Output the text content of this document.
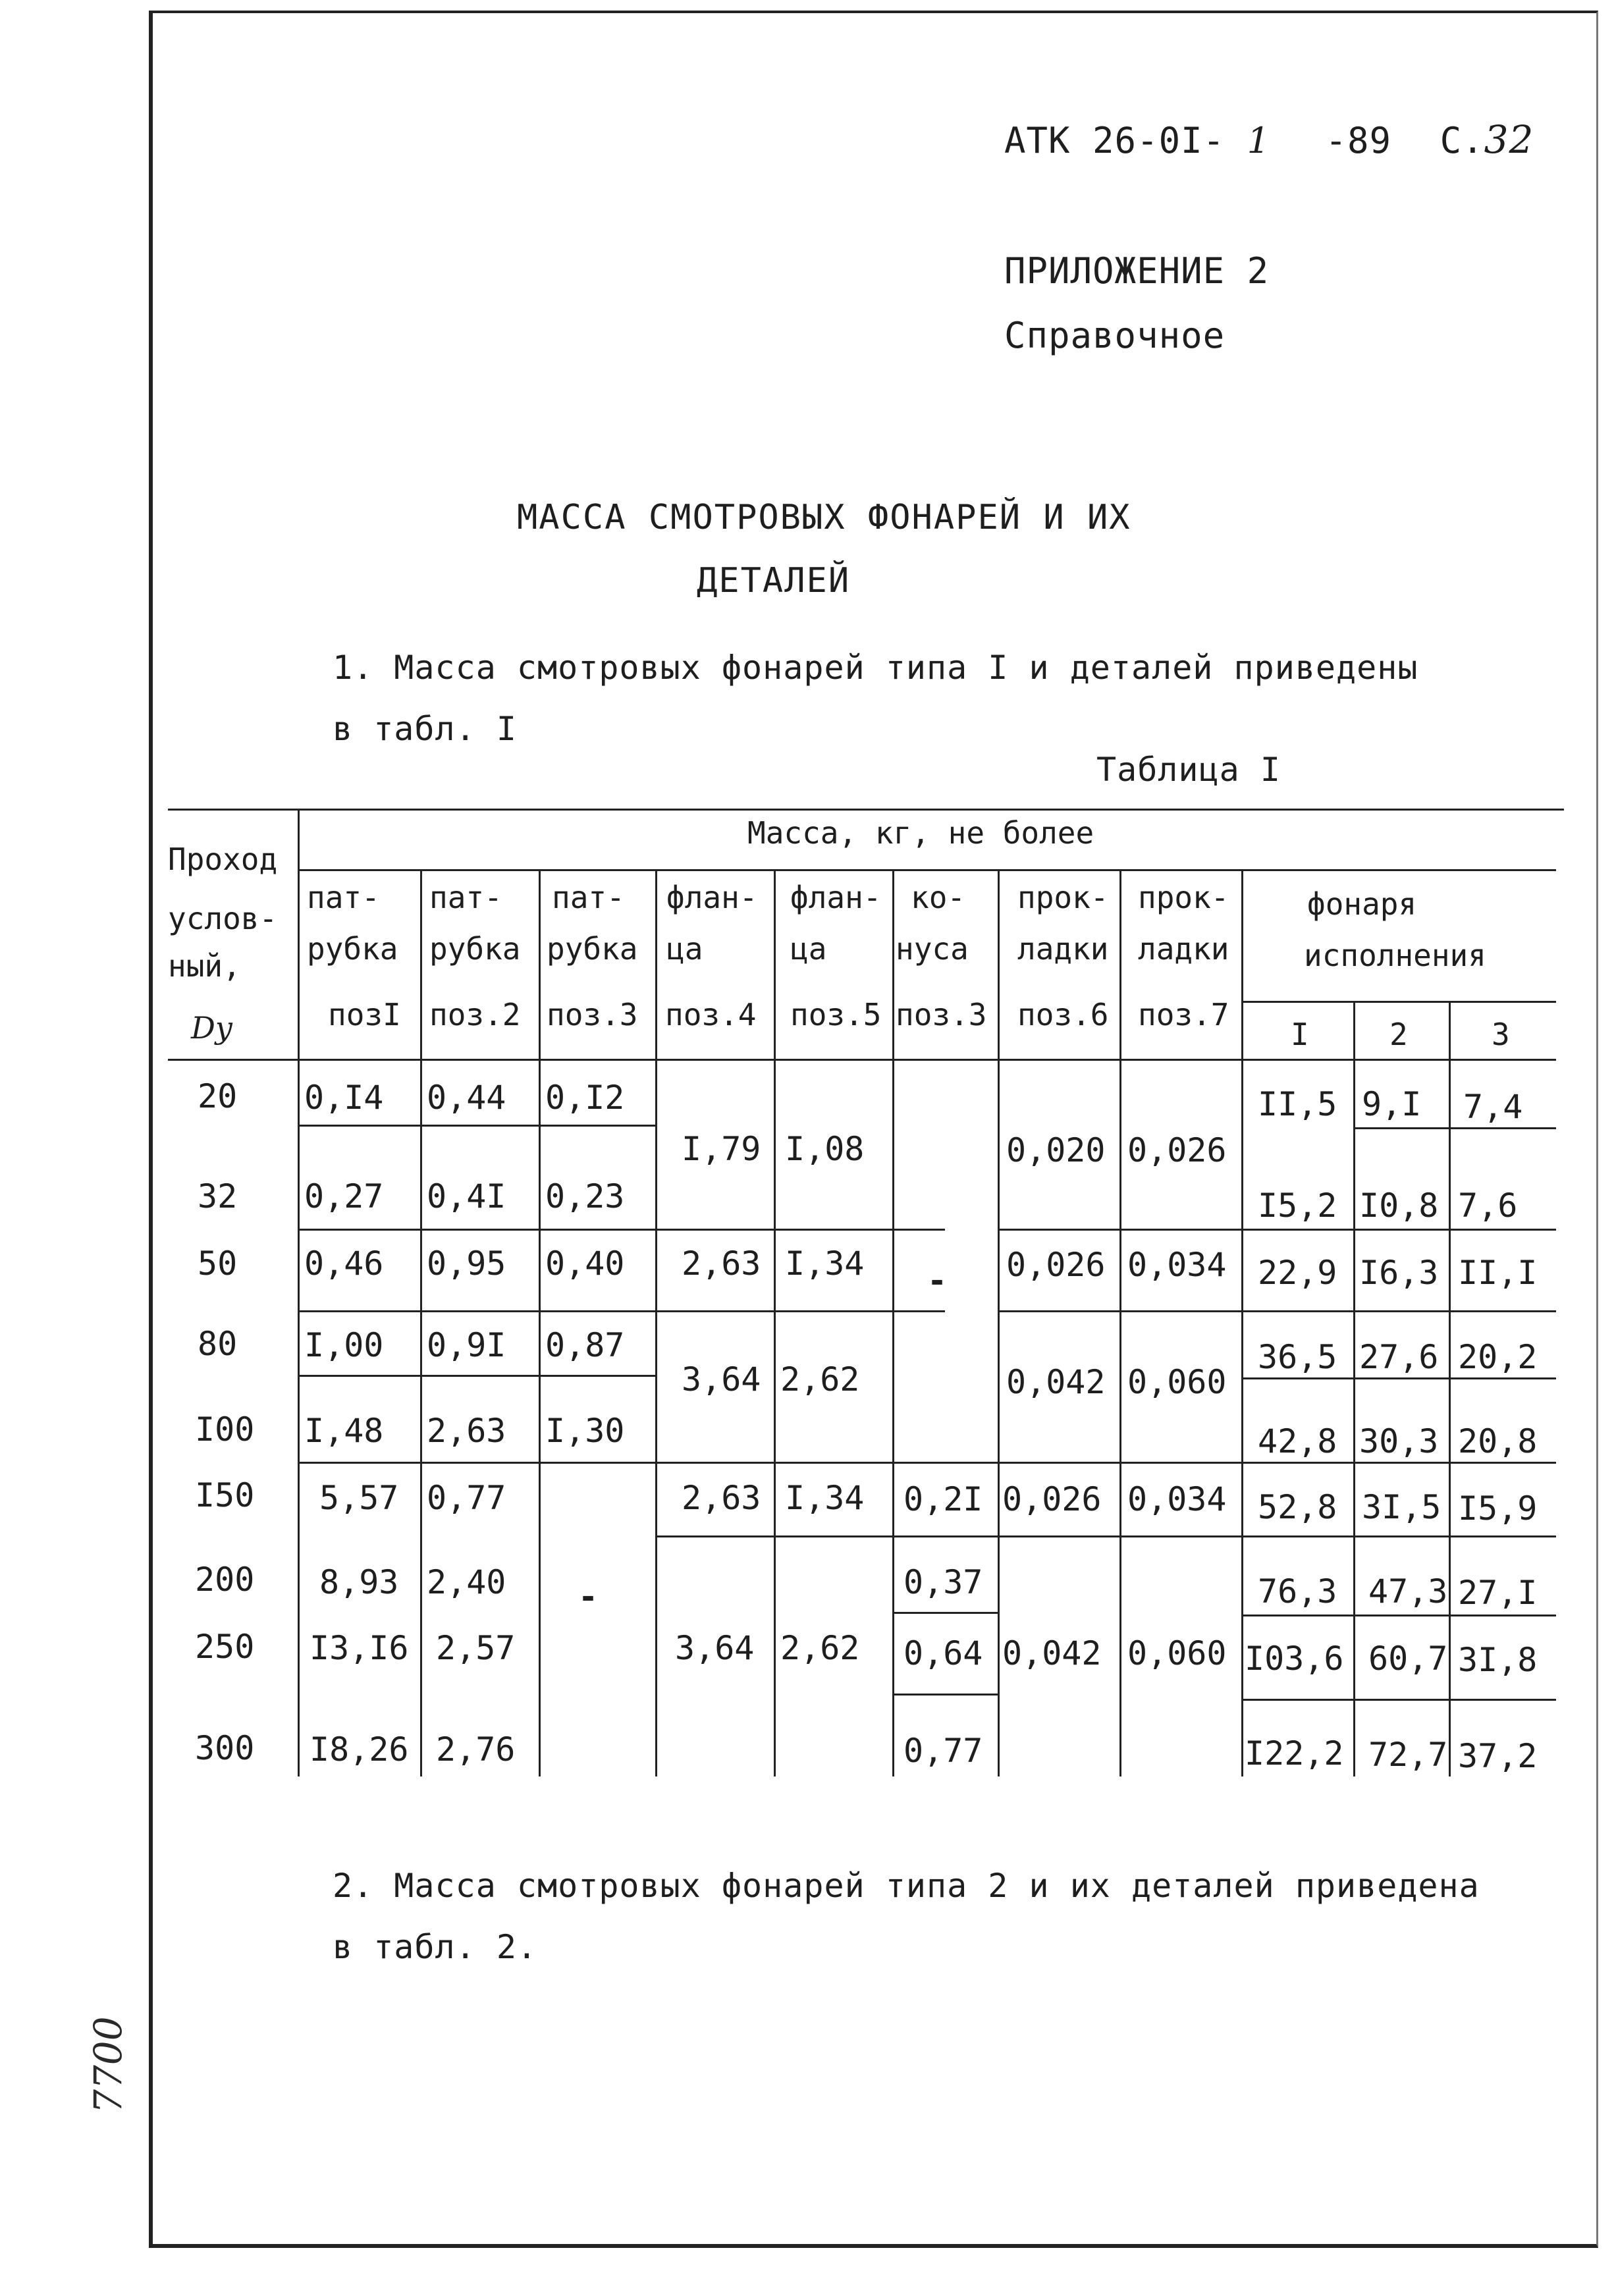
АТК 26-0I- 1 -89 С.32
ПРИЛОЖЕНИЕ 2
Справочное
МАССА СМОТРОВЫХ ФОНАРЕЙ И ИХ
ДЕТАЛЕЙ
1. Масса смотровых фонарей типа I и деталей приведены
в табл. I
Таблица I
Проход
услов-
ный,
Dу
Масса, кг, не более
пат-
рубка
позI
пат-
рубка
поз.2
пат-
рубка
поз.3
флан-
ца
поз.4
флан-
ца
поз.5
ко-
нуса
поз.3
прок-
ладки
поз.6
прок-
ладки
поз.7
фонаря
исполнения
I	2	3
20
32
50
80
I00
I50
200
250
300
0,I4
0,27
0,46
I,00
I,48
5,57
8,93
I3,I6
I8,26
0,44
0,4I
0,95
0,9I
2,63
0,77
2,40
2,57
2,76
0,I2
0,23
0,40
0,87
I,30
-
I,79
2,63
3,64
2,63
3,64
I,08
I,34
2,62
I,34
2,62
-
0,2I
0,37
0,64
0,77
0,020
0,026
0,042
0,026
0,042
0,026
0,034
0,060
0,034
0,060
II,5
I5,2
22,9
36,5
42,8
52,8
76,3
I03,6
I22,2
9,I
I0,8
I6,3
27,6
30,3
3I,5
47,3
60,7
72,7
7,4
7,6
II,I
20,2
20,8
I5,9
27,I
3I,8
37,2
2. Масса смотровых фонарей типа 2 и их деталей приведена
в табл. 2.
7700
